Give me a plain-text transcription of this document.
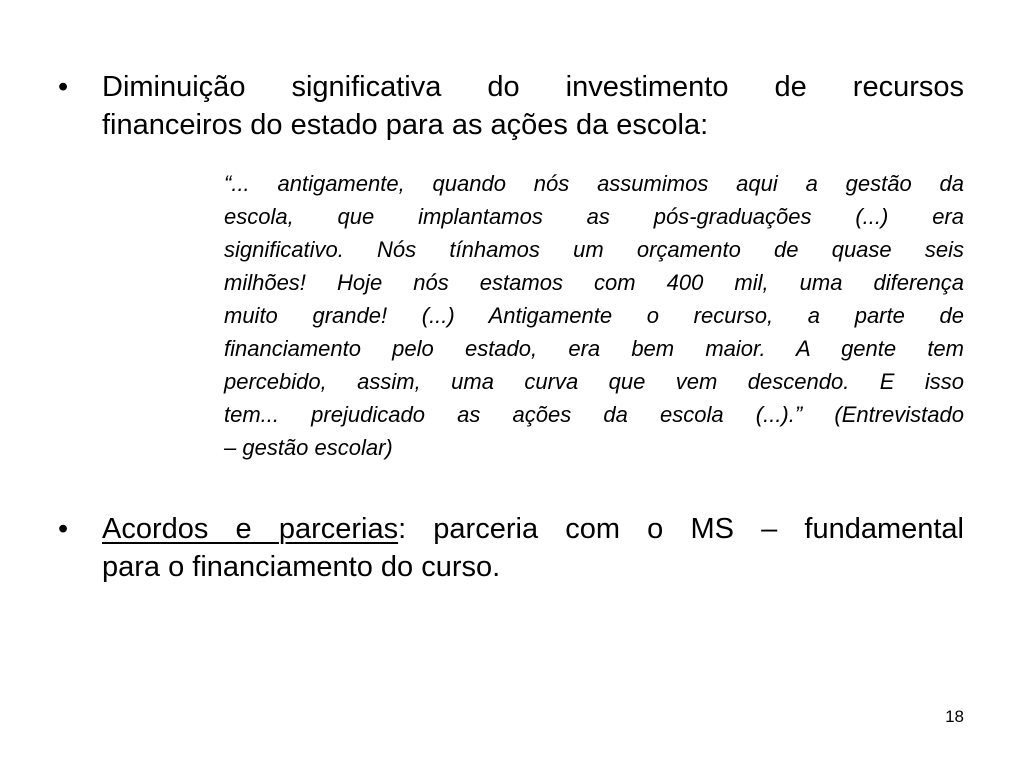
•	Diminuição significativa do investimento de recursos
financeiros do estado para as ações da escola:
“... antigamente, quando nós assumimos aqui a gestão da
escola, que implantamos as pós-graduações (...) era
significativo. Nós tínhamos um orçamento de quase seis
milhões! Hoje nós estamos com 400 mil, uma diferença
muito grande! (...) Antigamente o recurso, a parte de
financiamento pelo estado, era bem maior. A gente tem
percebido, assim, uma curva que vem descendo. E isso
tem... prejudicado as ações da escola (...).” (Entrevistado
– gestão escolar)
•	Acordos e parcerias: parceria com o MS – fundamental
para o financiamento do curso.
18
